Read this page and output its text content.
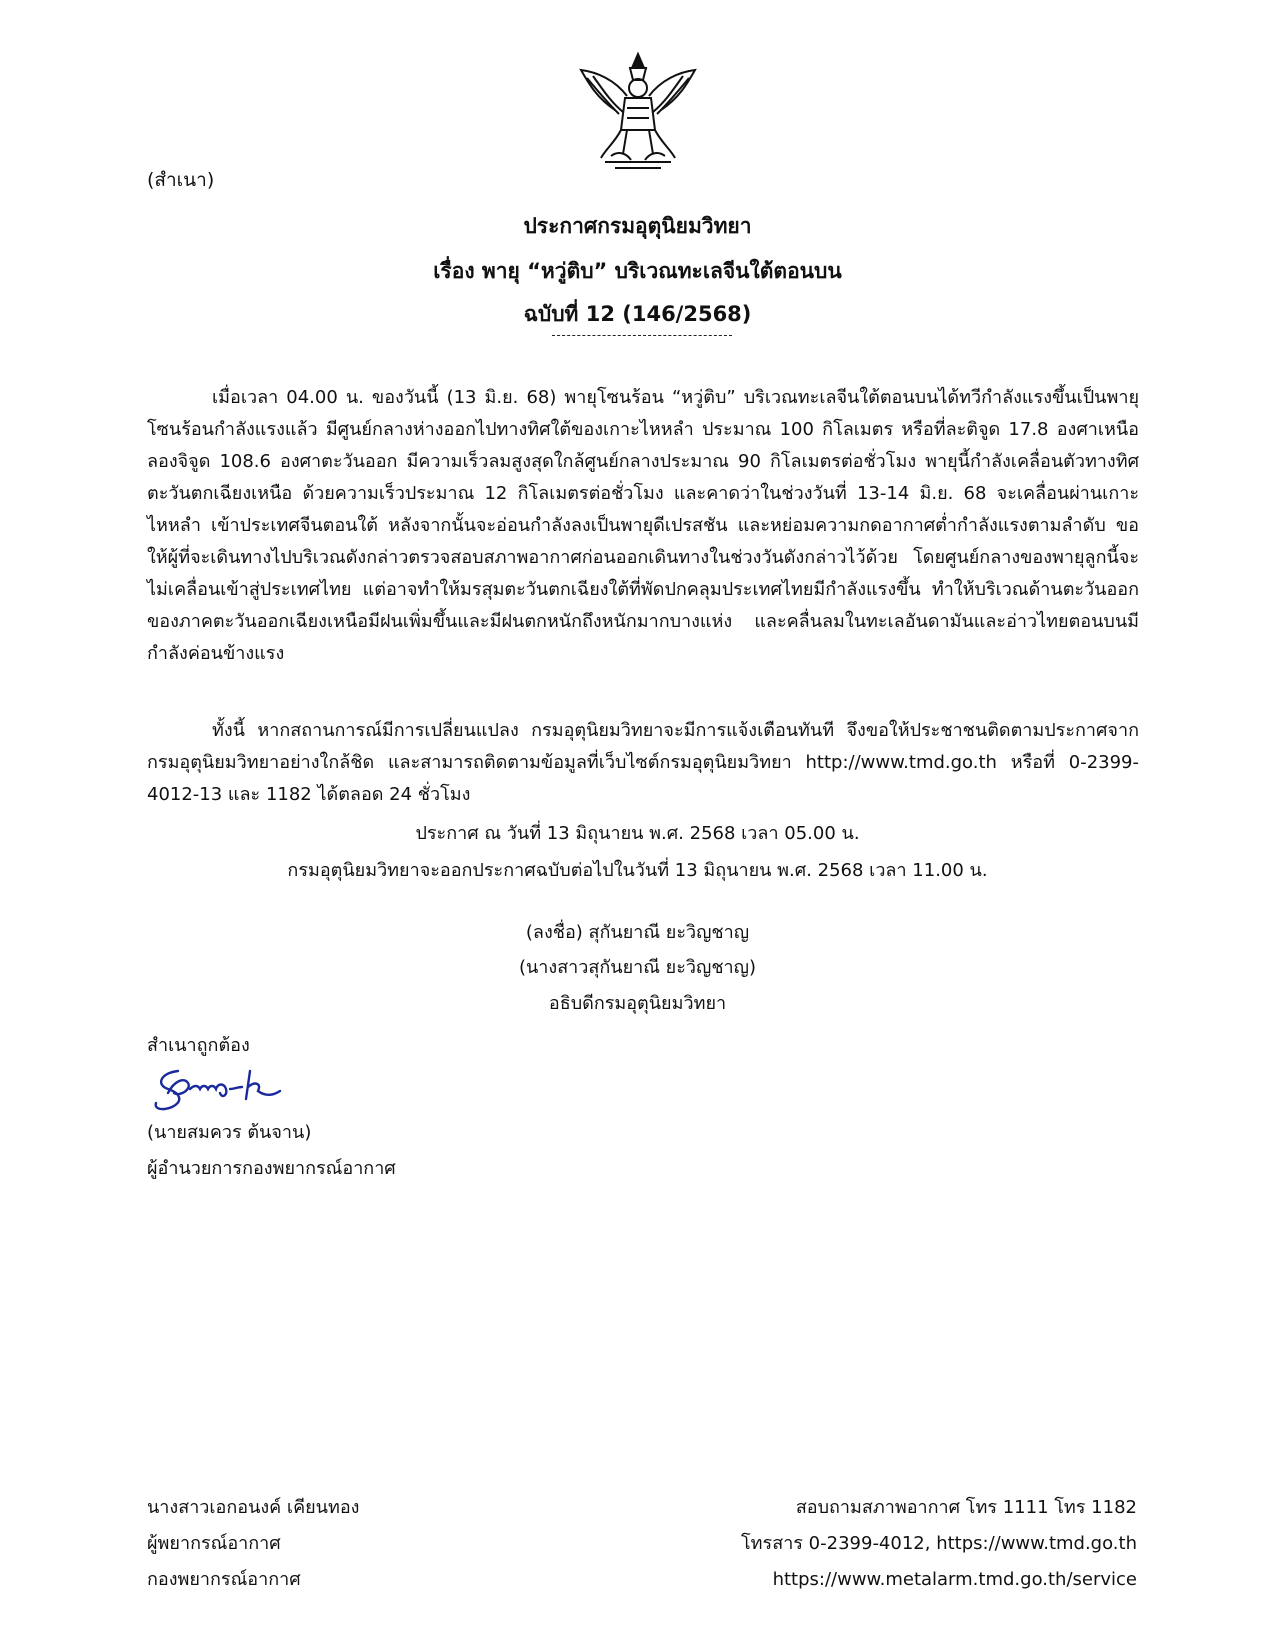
(สำเนา)
ประกาศกรมอุตุนิยมวิทยา
เรื่อง พายุ “หวู่ติบ” บริเวณทะเลจีนใต้ตอนบน
ฉบับที่ 12 (146/2568)
เมื่อเวลา 04.00 น. ของวันนี้ (13 มิ.ย. 68) พายุโซนร้อน “หวู่ติบ” บริเวณทะเลจีนใต้ตอนบนได้ทวีกำลังแรงขึ้นเป็นพายุโซนร้อนกำลังแรงแล้ว มีศูนย์กลางห่างออกไปทางทิศใต้ของเกาะไหหลำ ประมาณ 100 กิโลเมตร หรือที่ละติจูด 17.8 องศาเหนือ ลองจิจูด 108.6 องศาตะวันออก มีความเร็วลมสูงสุดใกล้ศูนย์กลางประมาณ 90 กิโลเมตรต่อชั่วโมง พายุนี้กำลังเคลื่อนตัวทางทิศตะวันตกเฉียงเหนือ ด้วยความเร็วประมาณ 12 กิโลเมตรต่อชั่วโมง และคาดว่าในช่วงวันที่ 13-14 มิ.ย. 68 จะเคลื่อนผ่านเกาะไหหลำ เข้าประเทศจีนตอนใต้ หลังจากนั้นจะอ่อนกำลังลงเป็นพายุดีเปรสชัน และหย่อมความกดอากาศต่ำกำลังแรงตามลำดับ ขอให้ผู้ที่จะเดินทางไปบริเวณดังกล่าวตรวจสอบสภาพอากาศก่อนออกเดินทางในช่วงวันดังกล่าวไว้ด้วย โดยศูนย์กลางของพายุลูกนี้จะไม่เคลื่อนเข้าสู่ประเทศไทย แต่อาจทำให้มรสุมตะวันตกเฉียงใต้ที่พัดปกคลุมประเทศไทยมีกำลังแรงขึ้น ทำให้บริเวณด้านตะวันออกของภาคตะวันออกเฉียงเหนือมีฝนเพิ่มขึ้นและมีฝนตกหนักถึงหนักมากบางแห่ง และคลื่นลมในทะเลอันดามันและอ่าวไทยตอนบนมีกำลังค่อนข้างแรง
ทั้งนี้ หากสถานการณ์มีการเปลี่ยนแปลง กรมอุตุนิยมวิทยาจะมีการแจ้งเตือนทันที จึงขอให้ประชาชนติดตามประกาศจากกรมอุตุนิยมวิทยาอย่างใกล้ชิด และสามารถติดตามข้อมูลที่เว็บไซต์กรมอุตุนิยมวิทยา http://www.tmd.go.th หรือที่ 0-2399-4012-13 และ 1182 ได้ตลอด 24 ชั่วโมง
ประกาศ ณ วันที่ 13 มิถุนายน พ.ศ. 2568 เวลา 05.00 น.
กรมอุตุนิยมวิทยาจะออกประกาศฉบับต่อไปในวันที่ 13 มิถุนายน พ.ศ. 2568 เวลา 11.00 น.
(ลงชื่อ) สุกันยาณี ยะวิญชาญ
(นางสาวสุกันยาณี ยะวิญชาญ)
อธิบดีกรมอุตุนิยมวิทยา
สำเนาถูกต้อง
(นายสมควร ต้นจาน)
ผู้อำนวยการกองพยากรณ์อากาศ
นางสาวเอกอนงค์ เคียนทอง
ผู้พยากรณ์อากาศ
กองพยากรณ์อากาศ
สอบถามสภาพอากาศ โทร 1111 โทร 1182
โทรสาร 0-2399-4012, https://www.tmd.go.th
https://www.metalarm.tmd.go.th/service
